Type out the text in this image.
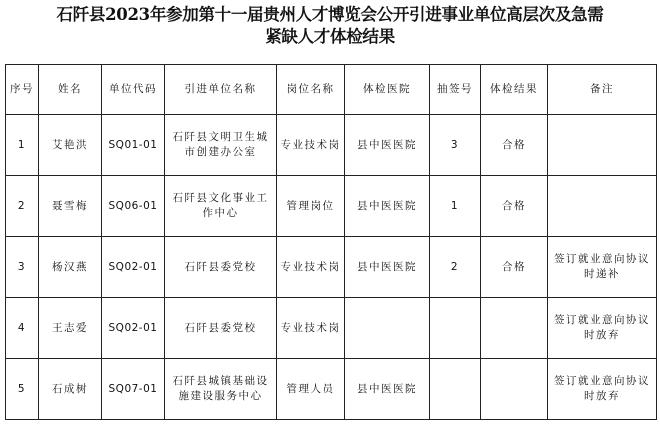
石阡县2023年参加第十一届贵州人才博览会公开引进事业单位高层次及急需
紧缺人才体检结果
序号	姓名	单位代码	引进单位名称	岗位名称	体检医院	抽签号	体检结果	备注
1	艾艳洪	SQ01-01	石阡县文明卫生城市创建办公室	专业技术岗	县中医医院	3	合格	
2	聂雪梅	SQ06-01	石阡县文化事业工作中心	管理岗位	县中医医院	1	合格	
3	杨汉燕	SQ02-01	石阡县委党校	专业技术岗	县中医医院	2	合格	签订就业意向协议时递补
4	王志爱	SQ02-01	石阡县委党校	专业技术岗				签订就业意向协议时放弃
5	石成树	SQ07-01	石阡县城镇基础设施建设服务中心	管理人员	县中医医院			签订就业意向协议时放弃
